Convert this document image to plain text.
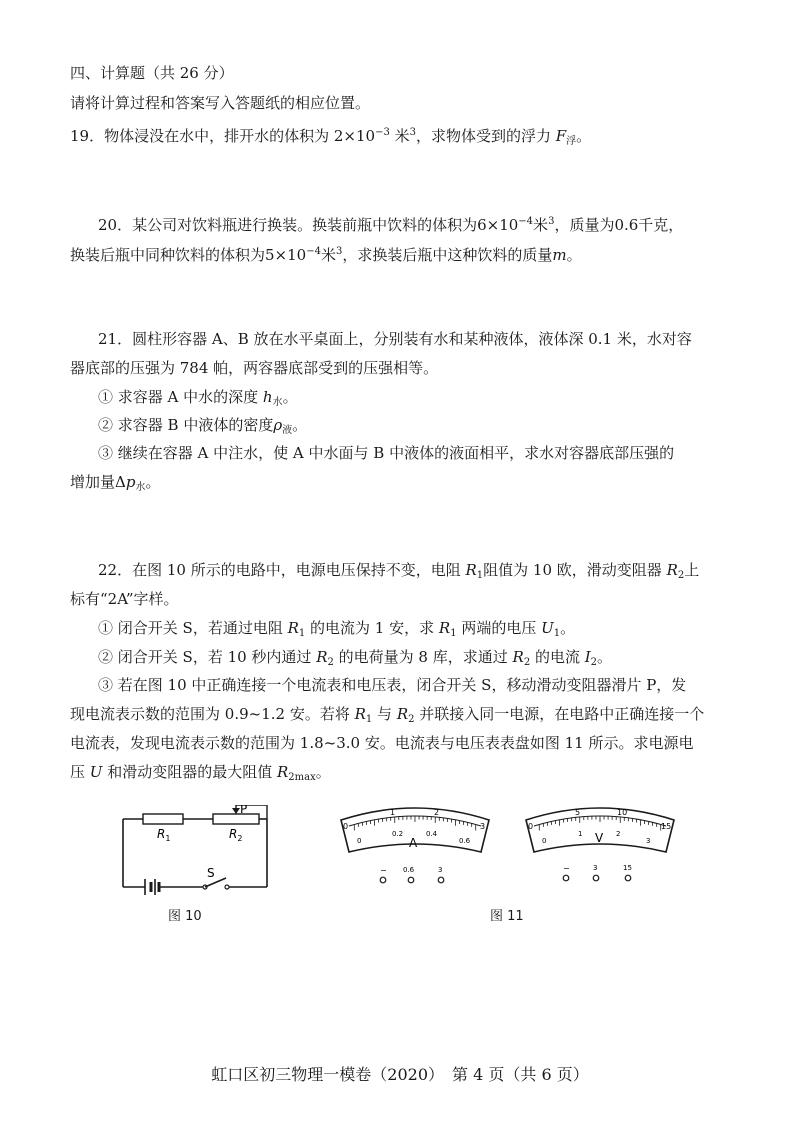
四、计算题（共 26 分）
请将计算过程和答案写入答题纸的相应位置。
19．物体浸没在水中，排开水的体积为 $2\times 10^{-3}$ 米$^3$，求物体受到的浮力 $F_浮$。
20．某公司对饮料瓶进行换装。换装前瓶中饮料的体积为$6\times 10^{-4}$米$^3$，质量为0.6千克，
换装后瓶中同种饮料的体积为$5\times 10^{-4}$米$^3$，求换装后瓶中这种饮料的质量m。
21．圆柱形容器 A、B 放在水平桌面上，分别装有水和某种液体，液体深 0.1 米，水对容
器底部的压强为 784 帕，两容器底部受到的压强相等。
① 求容器 A 中水的深度 $h_水$。
② 求容器 B 中液体的密度$\rho_液$。
③ 继续在容器 A 中注水，使 A 中水面与 B 中液体的液面相平，求水对容器底部压强的
增加量$\Delta p_水$。
22．在图 10 所示的电路中，电源电压保持不变，电阻 $R_1$阻值为 10 欧，滑动变阻器 $R_2$上
标有“2A”字样。
① 闭合开关 S，若通过电阻 $R_1$ 的电流为 1 安，求 $R_1$ 两端的电压 $U_1$。
② 闭合开关 S，若 10 秒内通过 $R_2$ 的电荷量为 8 库，求通过 $R_2$ 的电流 $I_2$。
③ 若在图 10 中正确连接一个电流表和电压表，闭合开关 S，移动滑动变阻器滑片 P，发
现电流表示数的范围为 0.9~1.2 安。若将 $R_1$ 与 $R_2$ 并联接入同一电源，在电路中正确连接一个
电流表，发现电流表示数的范围为 1.8~3.0 安。电流表与电压表表盘如图 11 所示。求电源电
压 U 和滑动变阻器的最大阻值 $R_{2max}$。
$R_1$	$R_2$
P
S
图 10
0
1	2
3
0
0.2	0.4
0.6
A
− 0.6	3
0
5	10
15
0
1	2
3
V
−	3	15
图 11
虹口区初三物理一模卷（2020）　第 4 页（共 6 页）
